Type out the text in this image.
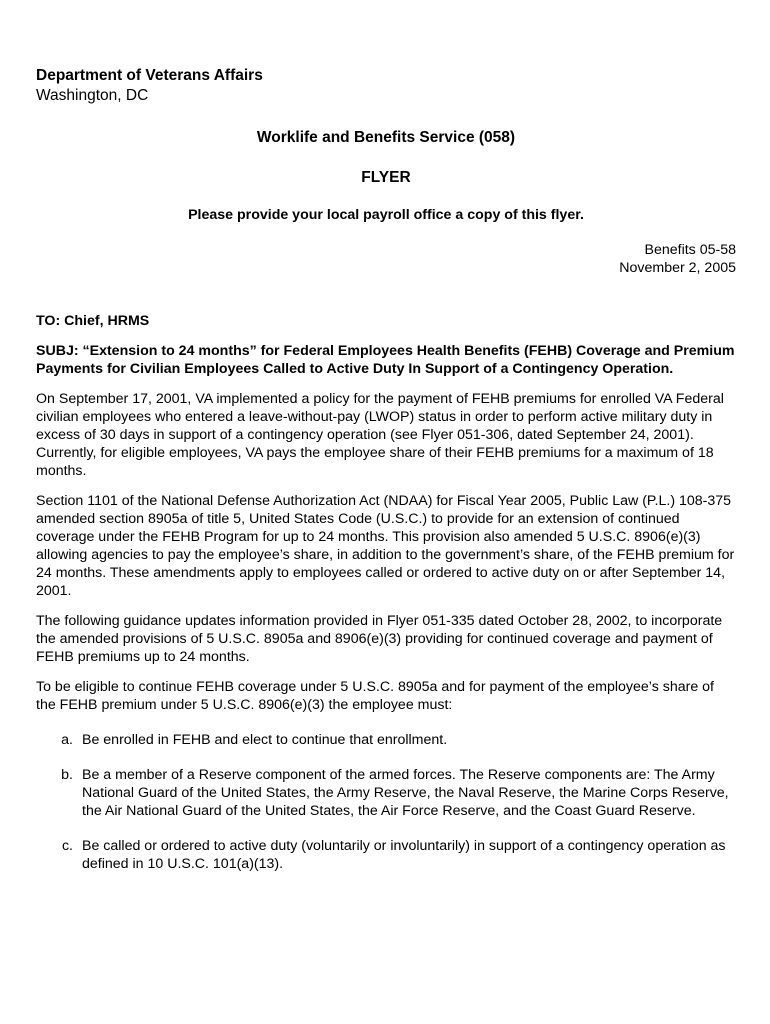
Department of Veterans Affairs
Washington, DC
Worklife and Benefits Service (058)
FLYER
Please provide your local payroll office a copy of this flyer.
Benefits 05-58
November 2, 2005
TO: Chief, HRMS
SUBJ: “Extension to 24 months” for Federal Employees Health Benefits (FEHB) Coverage and Premium Payments for Civilian Employees Called to Active Duty In Support of a Contingency Operation.

On September 17, 2001, VA implemented a policy for the payment of FEHB premiums for enrolled VA Federal civilian employees who entered a leave-without-pay (LWOP) status in order to perform active military duty in excess of 30 days in support of a contingency operation (see Flyer 051-306, dated September 24, 2001). Currently, for eligible employees, VA pays the employee share of their FEHB premiums for a maximum of 18 months.

Section 1101 of the National Defense Authorization Act (NDAA) for Fiscal Year 2005, Public Law (P.L.) 108-375 amended section 8905a of title 5, United States Code (U.S.C.) to provide for an extension of continued coverage under the FEHB Program for up to 24 months. This provision also amended 5 U.S.C. 8906(e)(3) allowing agencies to pay the employee’s share, in addition to the government’s share, of the FEHB premium for 24 months. These amendments apply to employees called or ordered to active duty on or after September 14, 2001.

The following guidance updates information provided in Flyer 051-335 dated October 28, 2002, to incorporate the amended provisions of 5 U.S.C. 8905a and 8906(e)(3) providing for continued coverage and payment of FEHB premiums up to 24 months.

To be eligible to continue FEHB coverage under 5 U.S.C. 8905a and for payment of the employee’s share of the FEHB premium under 5 U.S.C. 8906(e)(3) the employee must:

a. Be enrolled in FEHB and elect to continue that enrollment.
b. Be a member of a Reserve component of the armed forces. The Reserve components are: The Army National Guard of the United States, the Army Reserve, the Naval Reserve, the Marine Corps Reserve, the Air National Guard of the United States, the Air Force Reserve, and the Coast Guard Reserve.
c. Be called or ordered to active duty (voluntarily or involuntarily) in support of a contingency operation as defined in 10 U.S.C. 101(a)(13).
